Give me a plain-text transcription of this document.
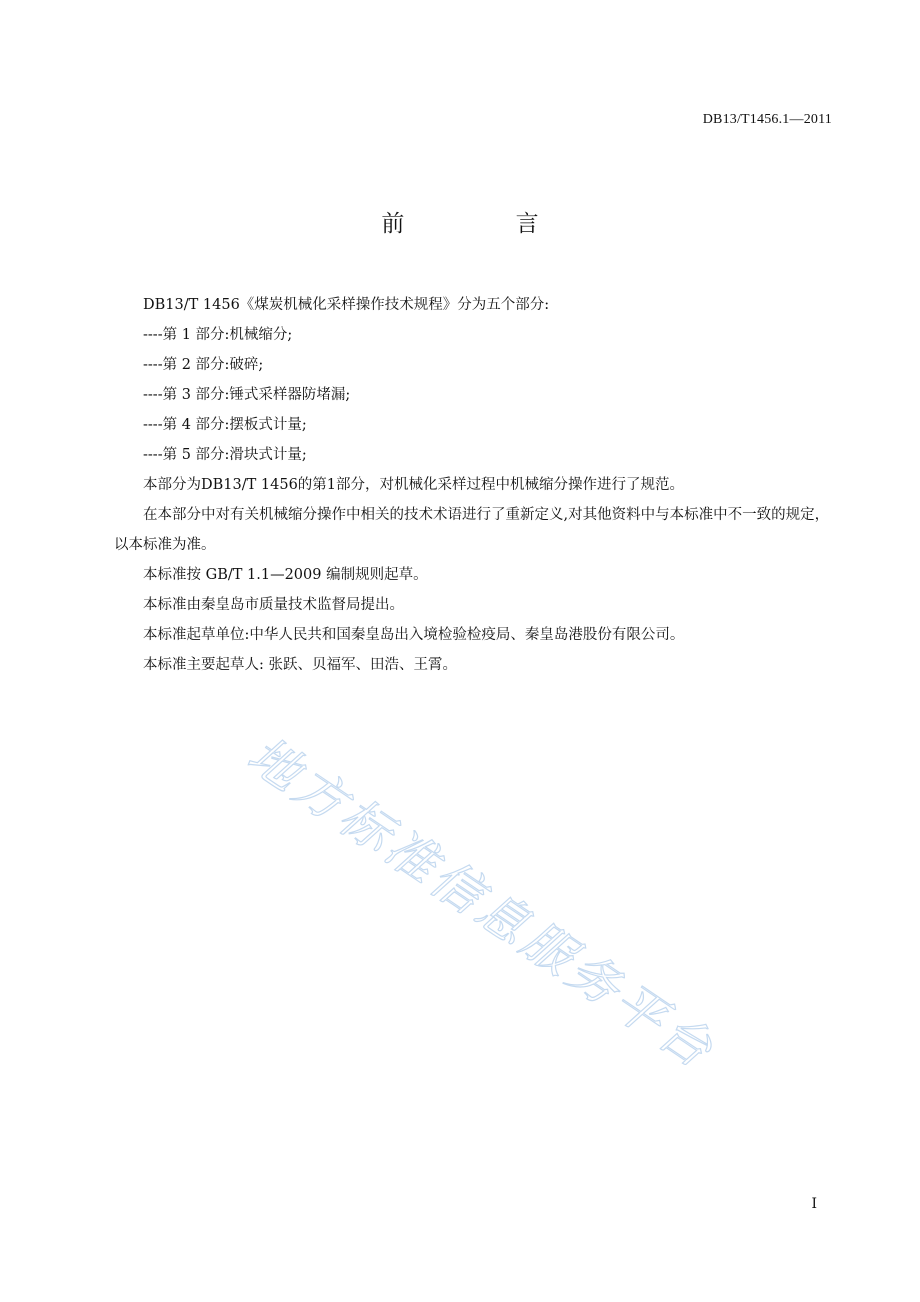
DB13/T1456.1—2011
前 言

DB13/T 1456《煤炭机械化采样操作技术规程》分为五个部分:

----第 1 部分:机械缩分;

----第 2 部分:破碎;

----第 3 部分:锤式采样器防堵漏;

----第 4 部分:摆板式计量;

----第 5 部分:滑块式计量;

本部分为DB13/T 1456的第1部分，对机械化采样过程中机械缩分操作进行了规范。

在本部分中对有关机械缩分操作中相关的技术术语进行了重新定义,对其他资料中与本标准中不一致的规定，以本标准为准。

本标准按 GB/T 1.1—2009 编制规则起草。

本标准由秦皇岛市质量技术监督局提出。

本标准起草单位:中华人民共和国秦皇岛出入境检验检疫局、秦皇岛港股份有限公司。

本标准主要起草人: 张跃、贝福军、田浩、王霄。

地方标准信息服务平台
I
